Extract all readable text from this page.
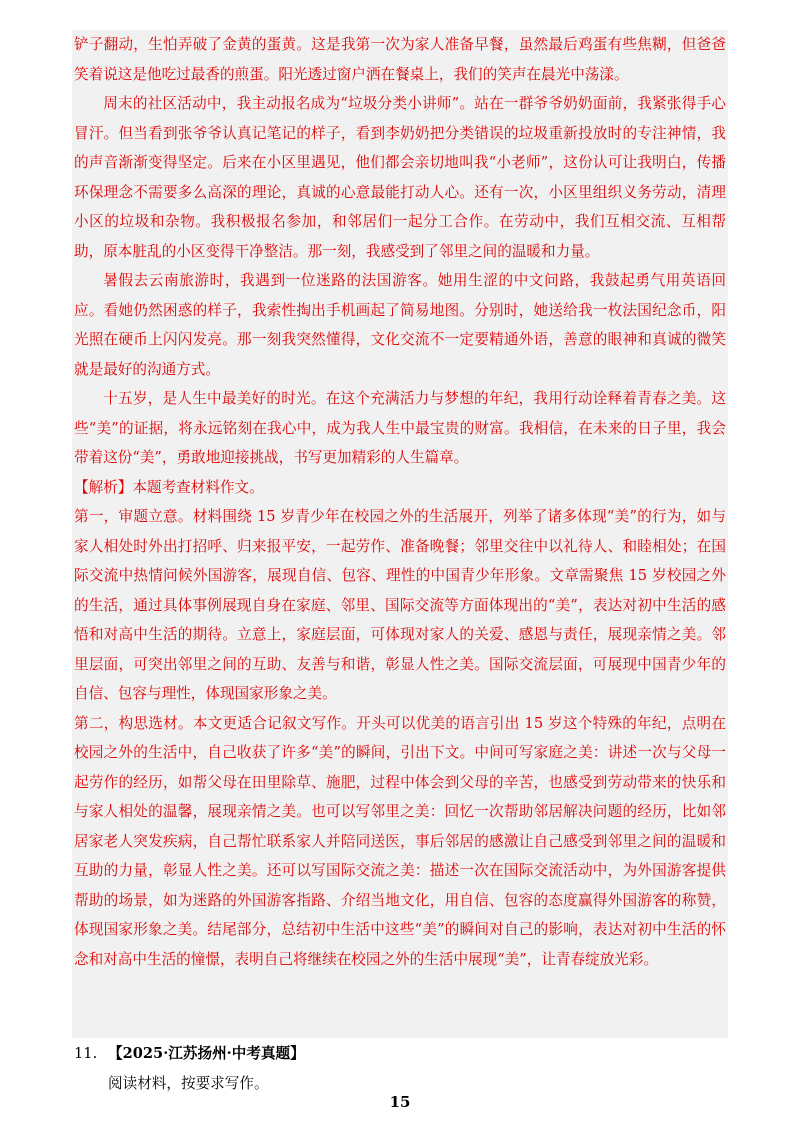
铲子翻动，生怕弄破了金黄的蛋黄。这是我第一次为家人准备早餐，虽然最后鸡蛋有些焦糊，但爸爸笑着说这是他吃过最香的煎蛋。阳光透过窗户洒在餐桌上，我们的笑声在晨光中荡漾。

周末的社区活动中，我主动报名成为“垃圾分类小讲师”。站在一群爷爷奶奶面前，我紧张得手心冒汗。但当看到张爷爷认真记笔记的样子，看到李奶奶把分类错误的垃圾重新投放时的专注神情，我的声音渐渐变得坚定。后来在小区里遇见，他们都会亲切地叫我“小老师”，这份认可让我明白，传播环保理念不需要多么高深的理论，真诚的心意最能打动人心。还有一次，小区里组织义务劳动，清理小区的垃圾和杂物。我积极报名参加，和邻居们一起分工合作。在劳动中，我们互相交流、互相帮助，原本脏乱的小区变得干净整洁。那一刻，我感受到了邻里之间的温暖和力量。

暑假去云南旅游时，我遇到一位迷路的法国游客。她用生涩的中文问路，我鼓起勇气用英语回应。看她仍然困惑的样子，我索性掏出手机画起了简易地图。分别时，她送给我一枚法国纪念币，阳光照在硬币上闪闪发亮。那一刻我突然懂得，文化交流不一定要精通外语，善意的眼神和真诚的微笑就是最好的沟通方式。

十五岁，是人生中最美好的时光。在这个充满活力与梦想的年纪，我用行动诠释着青春之美。这些“美”的证据，将永远铭刻在我心中，成为我人生中最宝贵的财富。我相信，在未来的日子里，我会带着这份“美”，勇敢地迎接挑战，书写更加精彩的人生篇章。

【解析】本题考查材料作文。

第一，审题立意。材料围绕 15 岁青少年在校园之外的生活展开，列举了诸多体现“美”的行为，如与家人相处时外出打招呼、归来报平安，一起劳作、准备晚餐；邻里交往中以礼待人、和睦相处；在国际交流中热情问候外国游客，展现自信、包容、理性的中国青少年形象。文章需聚焦 15 岁校园之外的生活，通过具体事例展现自身在家庭、邻里、国际交流等方面体现出的“美”，表达对初中生活的感悟和对高中生活的期待。立意上，家庭层面，可体现对家人的关爱、感恩与责任，展现亲情之美。邻里层面，可突出邻里之间的互助、友善与和谐，彰显人性之美。国际交流层面，可展现中国青少年的自信、包容与理性，体现国家形象之美。

第二，构思选材。本文更适合记叙文写作。开头可以优美的语言引出 15 岁这个特殊的年纪，点明在校园之外的生活中，自己收获了许多“美”的瞬间，引出下文。中间可写家庭之美：讲述一次与父母一起劳作的经历，如帮父母在田里除草、施肥，过程中体会到父母的辛苦，也感受到劳动带来的快乐和与家人相处的温馨，展现亲情之美。也可以写邻里之美：回忆一次帮助邻居解决问题的经历，比如邻居家老人突发疾病，自己帮忙联系家人并陪同送医，事后邻居的感激让自己感受到邻里之间的温暖和互助的力量，彰显人性之美。还可以写国际交流之美：描述一次在国际交流活动中，为外国游客提供帮助的场景，如为迷路的外国游客指路、介绍当地文化，用自信、包容的态度赢得外国游客的称赞，体现国家形象之美。结尾部分，总结初中生活中这些“美”的瞬间对自己的影响，表达对初中生活的怀念和对高中生活的憧憬，表明自己将继续在校园之外的生活中展现“美”，让青春绽放光彩。

11. 【2025·江苏扬州·中考真题】

阅读材料，按要求写作。

15
